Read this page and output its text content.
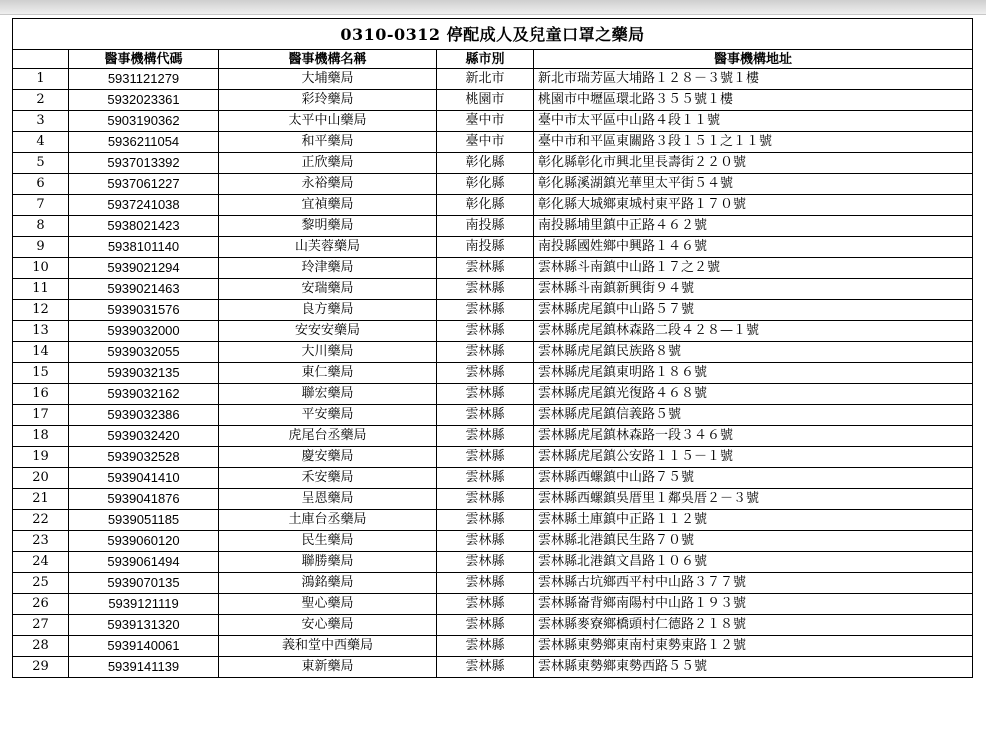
0310-0312 停配成人及兒童口罩之藥局				
	醫事機構代碼	醫事機構名稱	縣市別	醫事機構地址
1	5931121279	大埔藥局	新北市	新北市瑞芳區大埔路１２８－３號１樓
2	5932023361	彩玲藥局	桃園市	桃園市中壢區環北路３５５號１樓
3	5903190362	太平中山藥局	臺中市	臺中市太平區中山路４段１１號
4	5936211054	和平藥局	臺中市	臺中市和平區東關路３段１５１之１１號
5	5937013392	正欣藥局	彰化縣	彰化縣彰化市興北里長壽街２２０號
6	5937061227	永裕藥局	彰化縣	彰化縣溪湖鎮光華里太平街５４號
7	5937241038	宜禎藥局	彰化縣	彰化縣大城鄉東城村東平路１７０號
8	5938021423	黎明藥局	南投縣	南投縣埔里鎮中正路４６２號
9	5938101140	山芙蓉藥局	南投縣	南投縣國姓鄉中興路１４６號
10	5939021294	玲津藥局	雲林縣	雲林縣斗南鎮中山路１７之２號
11	5939021463	安瑞藥局	雲林縣	雲林縣斗南鎮新興街９４號
12	5939031576	良方藥局	雲林縣	雲林縣虎尾鎮中山路５７號
13	5939032000	安安安藥局	雲林縣	雲林縣虎尾鎮林森路二段４２８—１號
14	5939032055	大川藥局	雲林縣	雲林縣虎尾鎮民族路８號
15	5939032135	東仁藥局	雲林縣	雲林縣虎尾鎮東明路１８６號
16	5939032162	聯宏藥局	雲林縣	雲林縣虎尾鎮光復路４６８號
17	5939032386	平安藥局	雲林縣	雲林縣虎尾鎮信義路５號
18	5939032420	虎尾台丞藥局	雲林縣	雲林縣虎尾鎮林森路一段３４６號
19	5939032528	慶安藥局	雲林縣	雲林縣虎尾鎮公安路１１５－１號
20	5939041410	禾安藥局	雲林縣	雲林縣西螺鎮中山路７５號
21	5939041876	呈恩藥局	雲林縣	雲林縣西螺鎮吳厝里１鄰吳厝２－３號
22	5939051185	土庫台丞藥局	雲林縣	雲林縣土庫鎮中正路１１２號
23	5939060120	民生藥局	雲林縣	雲林縣北港鎮民生路７０號
24	5939061494	聯勝藥局	雲林縣	雲林縣北港鎮文昌路１０６號
25	5939070135	鴻銘藥局	雲林縣	雲林縣古坑鄉西平村中山路３７７號
26	5939121119	聖心藥局	雲林縣	雲林縣崙背鄉南陽村中山路１９３號
27	5939131320	安心藥局	雲林縣	雲林縣麥寮鄉橋頭村仁德路２１８號
28	5939140061	義和堂中西藥局	雲林縣	雲林縣東勢鄉東南村東勢東路１２號
29	5939141139	東新藥局	雲林縣	雲林縣東勢鄉東勢西路５５號
